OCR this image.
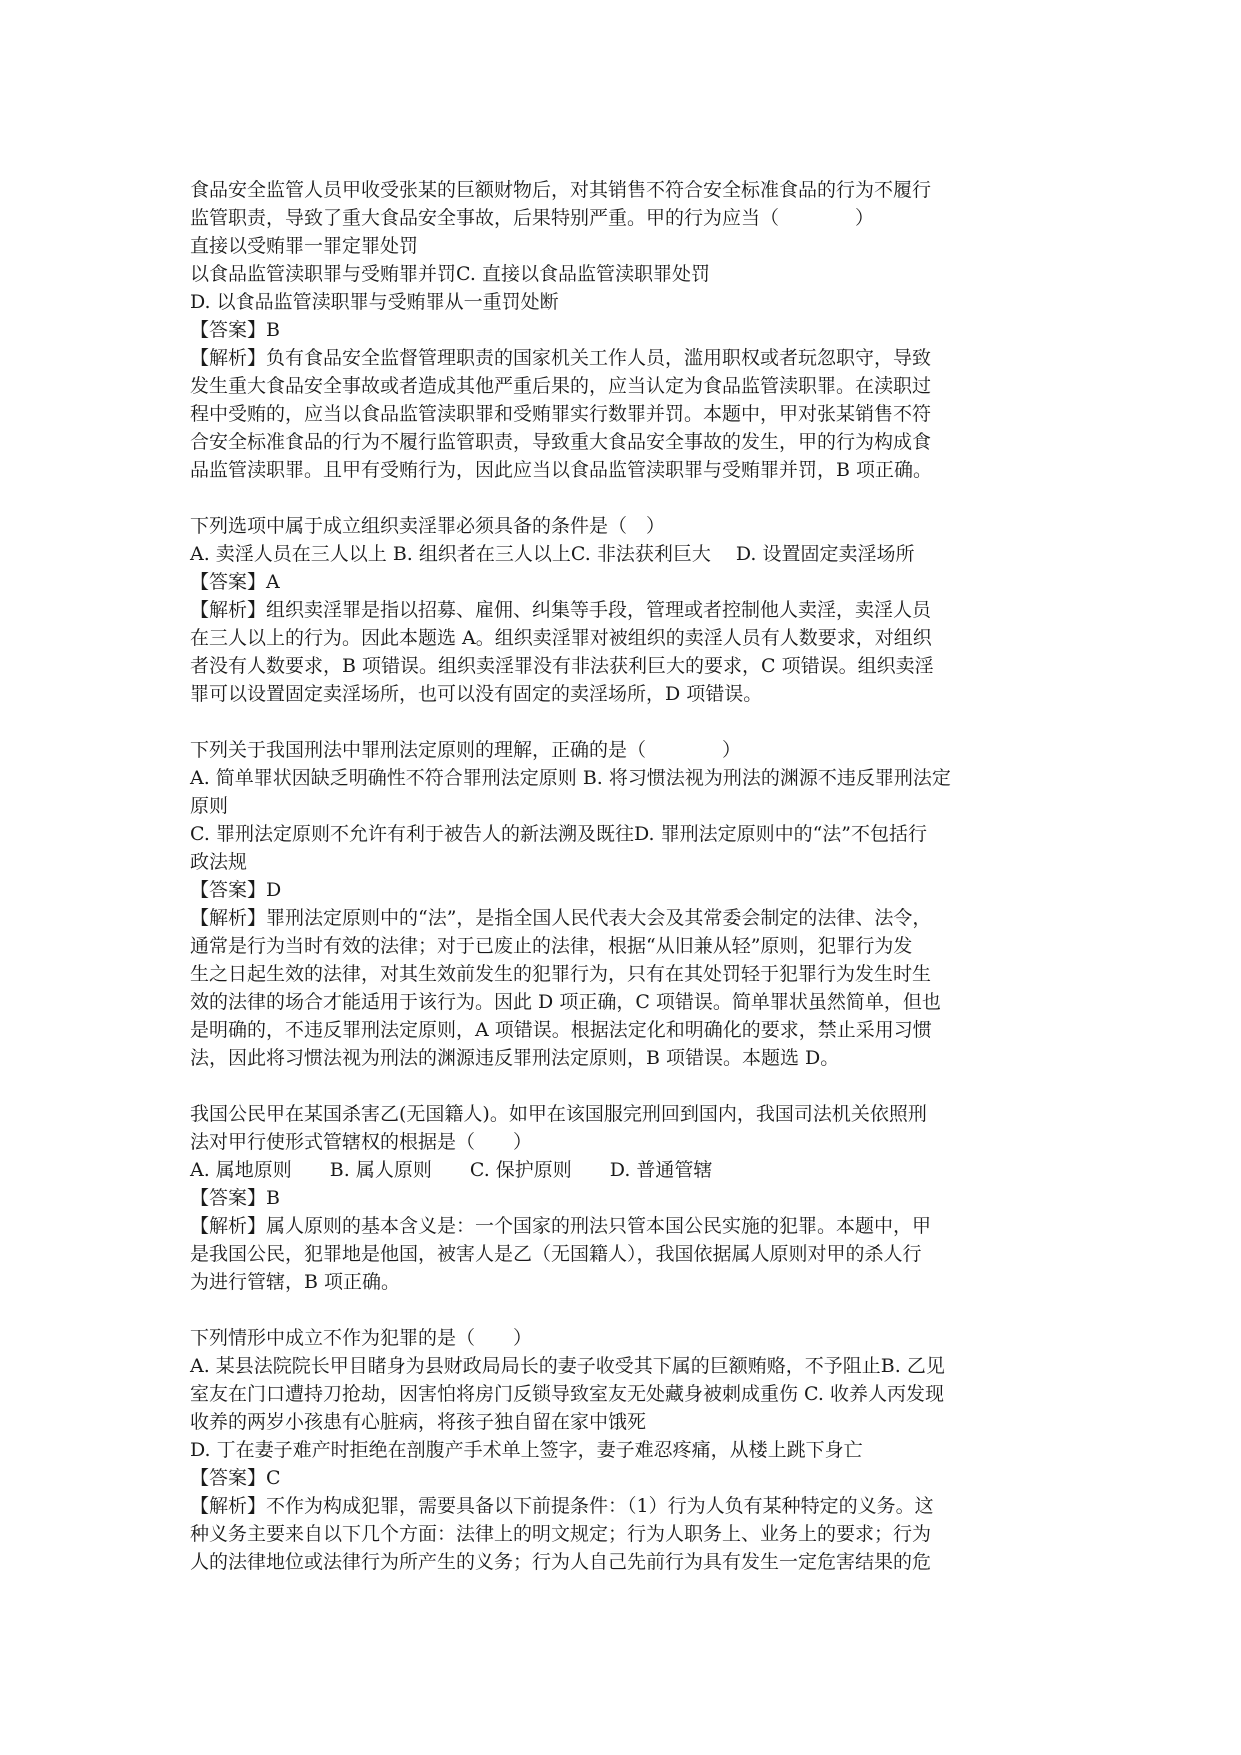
食品安全监管人员甲收受张某的巨额财物后，对其销售不符合安全标准食品的行为不履行

监管职责，导致了重大食品安全事故，后果特别严重。甲的行为应当（　　　　）

直接以受贿罪一罪定罪处罚

以食品监管渎职罪与受贿罪并罚C. 直接以食品监管渎职罪处罚

D. 以食品监管渎职罪与受贿罪从一重罚处断

【答案】B

【解析】负有食品安全监督管理职责的国家机关工作人员，滥用职权或者玩忽职守，导致

发生重大食品安全事故或者造成其他严重后果的，应当认定为食品监管渎职罪。在渎职过

程中受贿的，应当以食品监管渎职罪和受贿罪实行数罪并罚。本题中，甲对张某销售不符

合安全标准食品的行为不履行监管职责，导致重大食品安全事故的发生，甲的行为构成食

品监管渎职罪。且甲有受贿行为，因此应当以食品监管渎职罪与受贿罪并罚，B 项正确。

下列选项中属于成立组织卖淫罪必须具备的条件是（　）

A. 卖淫人员在三人以上 B. 组织者在三人以上C. 非法获利巨大　 D. 设置固定卖淫场所

【答案】A

【解析】组织卖淫罪是指以招募、雇佣、纠集等手段，管理或者控制他人卖淫，卖淫人员

在三人以上的行为。因此本题选 A。组织卖淫罪对被组织的卖淫人员有人数要求，对组织

者没有人数要求，B 项错误。组织卖淫罪没有非法获利巨大的要求，C 项错误。组织卖淫

罪可以设置固定卖淫场所，也可以没有固定的卖淫场所，D 项错误。

下列关于我国刑法中罪刑法定原则的理解，正确的是（　　　　）

A. 简单罪状因缺乏明确性不符合罪刑法定原则 B. 将习惯法视为刑法的渊源不违反罪刑法定

原则

C. 罪刑法定原则不允许有利于被告人的新法溯及既往D. 罪刑法定原则中的“法”不包括行

政法规

【答案】D

【解析】罪刑法定原则中的“法”，是指全国人民代表大会及其常委会制定的法律、法令，

通常是行为当时有效的法律；对于已废止的法律，根据“从旧兼从轻”原则，犯罪行为发

生之日起生效的法律，对其生效前发生的犯罪行为，只有在其处罚轻于犯罪行为发生时生

效的法律的场合才能适用于该行为。因此 D 项正确，C 项错误。简单罪状虽然简单，但也

是明确的，不违反罪刑法定原则，A 项错误。根据法定化和明确化的要求，禁止采用习惯

法，因此将习惯法视为刑法的渊源违反罪刑法定原则，B 项错误。本题选 D。

我国公民甲在某国杀害乙(无国籍人)。如甲在该国服完刑回到国内，我国司法机关依照刑

法对甲行使形式管辖权的根据是（　　）

A. 属地原则　　B. 属人原则　　C. 保护原则　　D. 普通管辖

【答案】B

【解析】属人原则的基本含义是：一个国家的刑法只管本国公民实施的犯罪。本题中，甲

是我国公民，犯罪地是他国，被害人是乙（无国籍人），我国依据属人原则对甲的杀人行

为进行管辖，B 项正确。

下列情形中成立不作为犯罪的是（　　）

A. 某县法院院长甲目睹身为县财政局局长的妻子收受其下属的巨额贿赂，不予阻止B. 乙见

室友在门口遭持刀抢劫，因害怕将房门反锁导致室友无处藏身被刺成重伤 C. 收养人丙发现

收养的两岁小孩患有心脏病，将孩子独自留在家中饿死

D. 丁在妻子难产时拒绝在剖腹产手术单上签字，妻子难忍疼痛，从楼上跳下身亡

【答案】C

【解析】不作为构成犯罪，需要具备以下前提条件：（1）行为人负有某种特定的义务。这

种义务主要来自以下几个方面：法律上的明文规定；行为人职务上、业务上的要求；行为

人的法律地位或法律行为所产生的义务；行为人自己先前行为具有发生一定危害结果的危
